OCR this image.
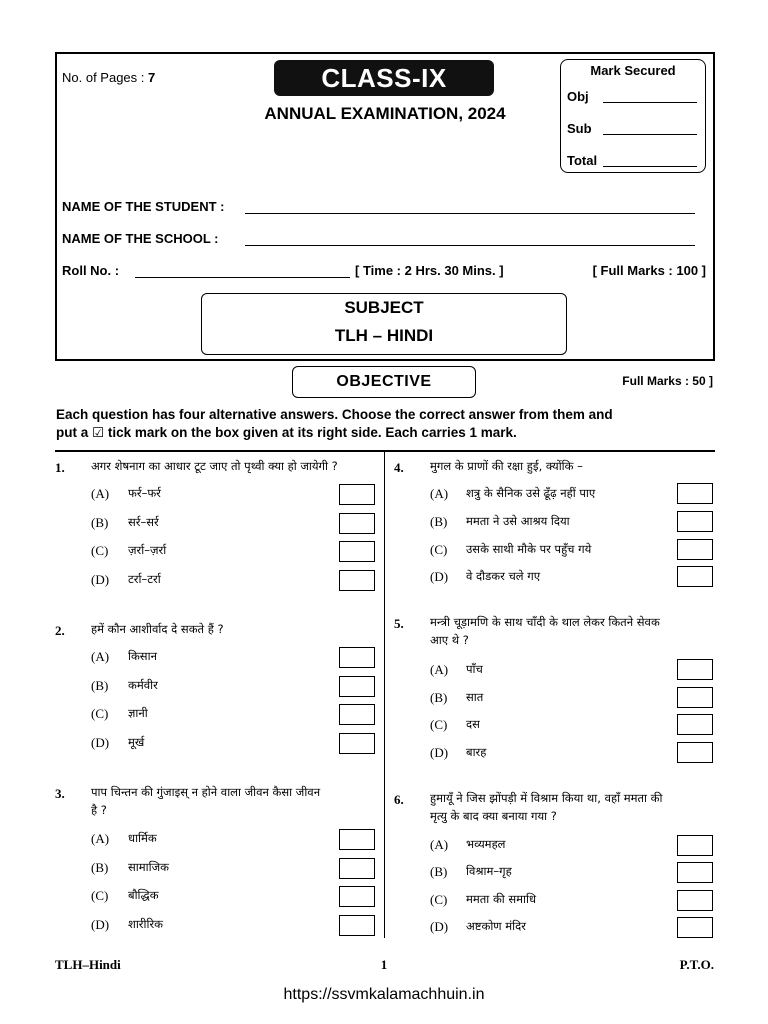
No. of Pages : 7	CLASS-IX
ANNUAL EXAMINATION, 2024
Mark Secured
Obj
Sub
Total
NAME OF THE STUDENT :
NAME OF THE SCHOOL :
Roll No. :	[ Time : 2 Hrs. 30 Mins. ]	[ Full Marks : 100 ]
SUBJECT
TLH – HINDI
OBJECTIVE	Full Marks : 50 ]
Each question has four alternative answers. Choose the correct answer from them and
put a ☑ tick mark on the box given at its right side. Each carries 1 mark.
1. अगर शेषनाग का आधार टूट जाए तो पृथ्वी क्या हो जायेगी ?
(A) फर्र–फर्र
(B) सर्र–सर्र
(C) ज़र्रा–ज़र्रा
(D) टर्रा–टर्रा
2. हमें कौन आशीर्वाद दे सकते हैं ?
(A) किसान
(B) कर्मवीर
(C) ज्ञानी
(D) मूर्ख
3. पाप चिन्तन की गुंजाइस् न होने वाला जीवन कैसा जीवन
है ?
(A) धार्मिक
(B) सामाजिक
(C) बौद्धिक
(D) शारीरिक
4. मुगल के प्राणों की रक्षा हुई, क्योंकि –
(A) शत्रु के सैनिक उसे ढूँढ़ नहीं पाए
(B) ममता ने उसे आश्रय दिया
(C) उसके साथी मौके पर पहुँच गये
(D) वे दौडकर चले गए
5. मन्त्री चूड़ामणि के साथ चाँदी के थाल लेकर कितने सेवक
आए थे ?
(A) पाँच
(B) सात
(C) दस
(D) बारह
6. हुमायूँ ने जिस झोंपड़ी में विश्राम किया था, वहाँ ममता की
मृत्यु के बाद क्या बनाया गया ?
(A) भव्यमहल
(B) विश्राम–गृह
(C) ममता की समाधि
(D) अष्टकोण मंदिर
TLH–Hindi	1	P.T.O.
https://ssvmkalamachhuin.in
